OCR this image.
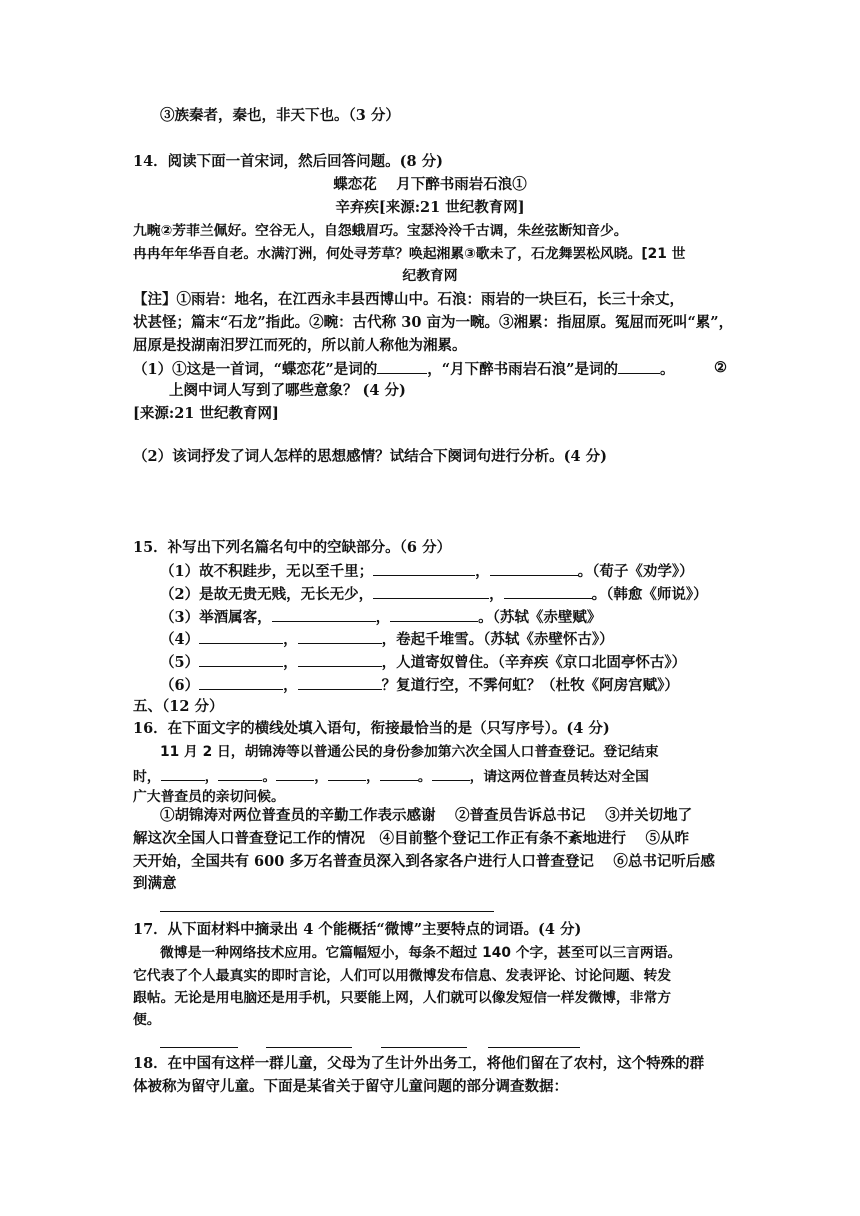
③族秦者，秦也，非天下也。（3 分）
14．阅读下面一首宋词，然后回答问题。(8 分)
蝶恋花　 月下醉书雨岩石浪①
辛弃疾[来源:21 世纪教育网]
九畹②芳菲兰佩好。空谷无人，自怨蛾眉巧。宝瑟泠泠千古调，朱丝弦断知音少。
冉冉年年华吾自老。水满汀洲，何处寻芳草？唤起湘累③歌未了，石龙舞罢松风晓。[21 世
纪教育网
【注】①雨岩：地名，在江西永丰县西博山中。石浪：雨岩的一块巨石，长三十余丈，
状甚怪；篇末“石龙”指此。②畹：古代称 30 亩为一畹。③湘累：指屈原。冤屈而死叫“累”，
屈原是投湖南汨罗江而死的，所以前人称他为湘累。
（1）①这是一首词，“蝶恋花”是词的	，“月下醉书雨岩石浪”是词的	。	②
上阕中词人写到了哪些意象？ (4 分)
[来源:21 世纪教育网]
（2）该词抒发了词人怎样的思想感情？试结合下阕词句进行分析。(4 分)
15．补写出下列名篇名句中的空缺部分。（6 分）
（1）故不积跬步，无以至千里；	，	。（荀子《劝学》）
（2）是故无贵无贱，无长无少，	，	。（韩愈《师说》）
（3）举酒属客，	，	。（苏轼《赤壁赋》
（4）	，	，卷起千堆雪。（苏轼《赤壁怀古》）
（5）	，	，人道寄奴曾住。（辛弃疾《京口北固亭怀古》）
（6）	，	？复道行空，不霁何虹？（杜牧《阿房宫赋》）
五、（12 分）
16．在下面文字的横线处填入语句，衔接最恰当的是（只写序号）。(4 分)
11 月 2 日，胡锦涛等以普通公民的身份参加第六次全国人口普查登记。登记结束
时，	，	。	，	，	。	，请这两位普查员转达对全国
广大普查员的亲切问候。
①胡锦涛对两位普查员的辛勤工作表示感谢　 ②普查员告诉总书记　 ③并关切地了
解这次全国人口普查登记工作的情况　④目前整个登记工作正有条不紊地进行　 ⑤从昨
天开始，全国共有 600 多万名普查员深入到各家各户进行人口普查登记　 ⑥总书记听后感
到满意
17．从下面材料中摘录出 4 个能概括“微博”主要特点的词语。(4 分)
微博是一种网络技术应用。它篇幅短小，每条不超过 140 个字，甚至可以三言两语。
它代表了个人最真实的即时言论，人们可以用微博发布信息、发表评论、讨论问题、转发
跟帖。无论是用电脑还是用手机，只要能上网，人们就可以像发短信一样发微博，非常方
便。
18．在中国有这样一群儿童，父母为了生计外出务工，将他们留在了农村，这个特殊的群
体被称为留守儿童。下面是某省关于留守儿童问题的部分调查数据：
